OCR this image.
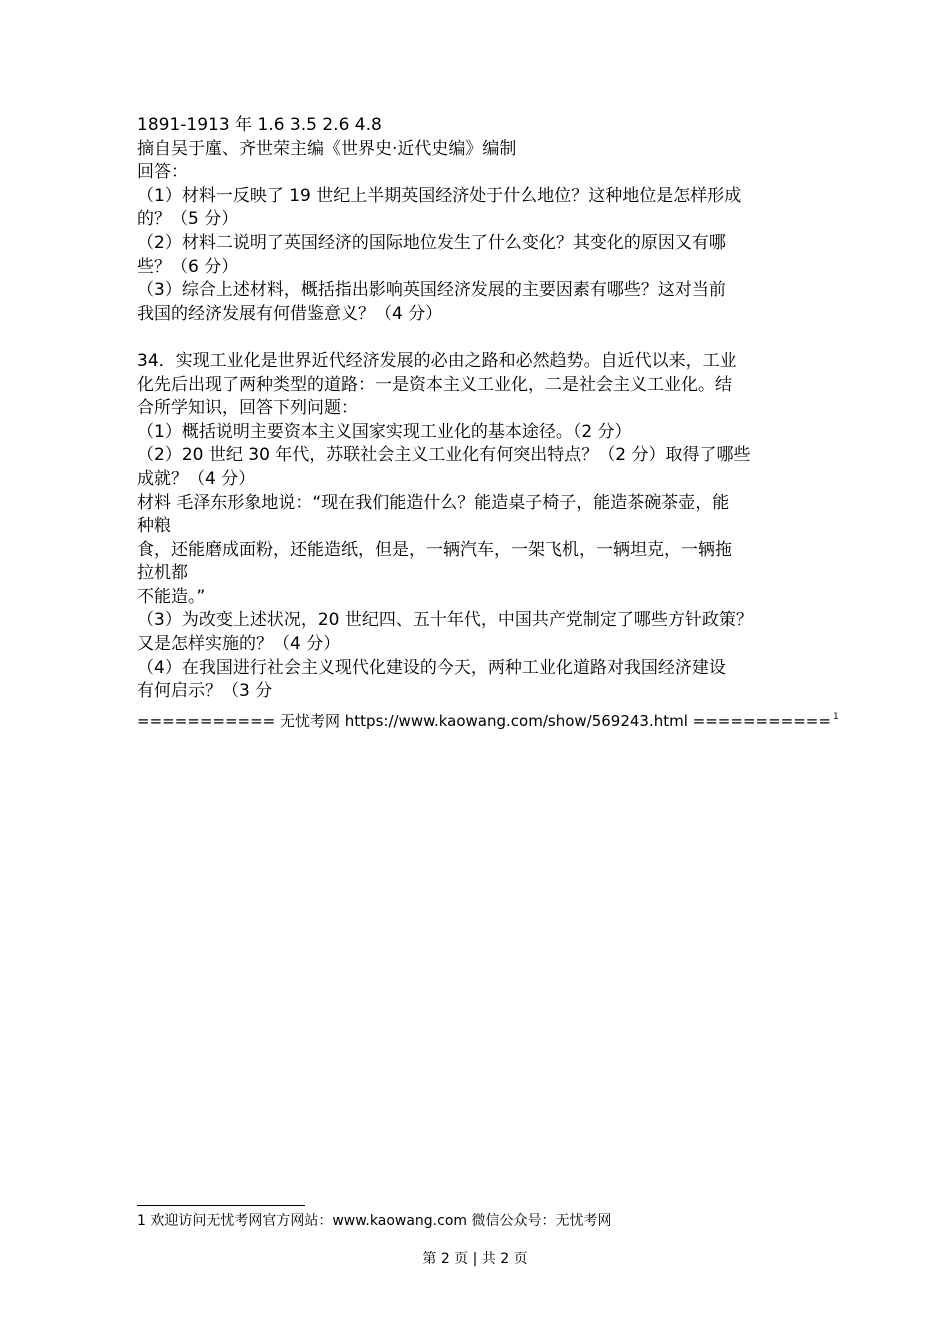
1891-1913 年 1.6 3.5 2.6 4.8
摘自吴于廑、齐世荣主编《世界史·近代史编》编制
回答：
（1）材料一反映了 19 世纪上半期英国经济处于什么地位？这种地位是怎样形成
的？（5 分）
（2）材料二说明了英国经济的国际地位发生了什么变化？其变化的原因又有哪
些？（6 分）
（3）综合上述材料，概括指出影响英国经济发展的主要因素有哪些？这对当前
我国的经济发展有何借鉴意义？（4 分）
34．实现工业化是世界近代经济发展的必由之路和必然趋势。自近代以来，工业
化先后出现了两种类型的道路：一是资本主义工业化，二是社会主义工业化。结
合所学知识，回答下列问题：
（1）概括说明主要资本主义国家实现工业化的基本途径。（2 分）
（2）20 世纪 30 年代，苏联社会主义工业化有何突出特点？（2 分）取得了哪些
成就？（4 分）
材料 毛泽东形象地说：“现在我们能造什么？能造桌子椅子，能造茶碗茶壶，能
种粮
食，还能磨成面粉，还能造纸，但是，一辆汽车，一架飞机，一辆坦克，一辆拖
拉机都
不能造。”
（3）为改变上述状况，20 世纪四、五十年代，中国共产党制定了哪些方针政策？
又是怎样实施的？（4 分）
（4）在我国进行社会主义现代化建设的今天，两种工业化道路对我国经济建设
有何启示？（3 分
=========== 无忧考网 https://www.kaowang.com/show/569243.html =========== $^1$
1 欢迎访问无忧考网官方网站：www.kaowang.com 微信公众号：无忧考网
第 2 页 | 共 2 页
